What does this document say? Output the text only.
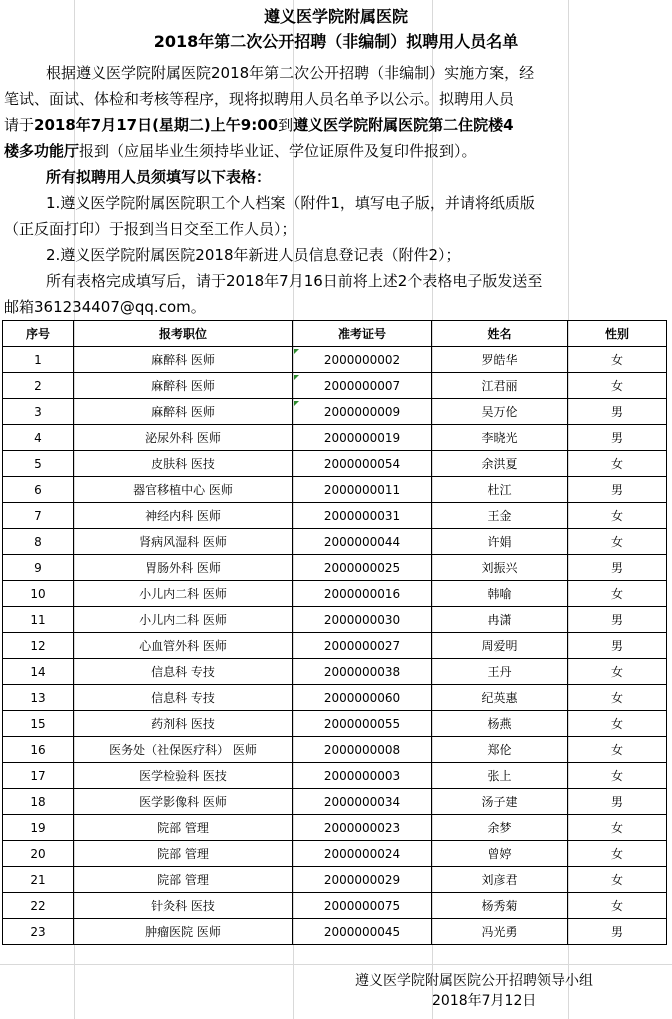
遵义医学院附属医院
2018年第二次公开招聘（非编制）拟聘用人员名单
根据遵义医学院附属医院2018年第二次公开招聘（非编制）实施方案，经
笔试、面试、体检和考核等程序，现将拟聘用人员名单予以公示。拟聘用人员
请于2018年7月17日(星期二)上午9:00到遵义医学院附属医院第二住院楼4
楼多功能厅报到（应届毕业生须持毕业证、学位证原件及复印件报到）。
所有拟聘用人员须填写以下表格：
1.遵义医学院附属医院职工个人档案（附件1，填写电子版，并请将纸质版
（正反面打印）于报到当日交至工作人员）；
2.遵义医学院附属医院2018年新进人员信息登记表（附件2）；
所有表格完成填写后，请于2018年7月16日前将上述2个表格电子版发送至
邮箱361234407@qq.com。
序号	报考职位	准考证号	姓名	性别
1	麻醉科 医师	2000000002	罗皓华	女
2	麻醉科 医师	2000000007	江君丽	女
3	麻醉科 医师	2000000009	吴万伦	男
4	泌尿外科 医师	2000000019	李晓光	男
5	皮肤科 医技	2000000054	余洪夏	女
6	器官移植中心 医师	2000000011	杜江	男
7	神经内科 医师	2000000031	王金	女
8	肾病风湿科 医师	2000000044	许娟	女
9	胃肠外科 医师	2000000025	刘振兴	男
10	小儿内二科 医师	2000000016	韩喻	女
11	小儿内二科 医师	2000000030	冉潇	男
12	心血管外科 医师	2000000027	周爱明	男
14	信息科 专技	2000000038	王丹	女
13	信息科 专技	2000000060	纪英惠	女
15	药剂科 医技	2000000055	杨燕	女
16	医务处（社保医疗科） 医师	2000000008	郑伦	女
17	医学检验科 医技	2000000003	张上	女
18	医学影像科 医师	2000000034	汤子建	男
19	院部 管理	2000000023	余梦	女
20	院部 管理	2000000024	曾婷	女
21	院部 管理	2000000029	刘彦君	女
22	针灸科 医技	2000000075	杨秀菊	女
23	肿瘤医院 医师	2000000045	冯光勇	男
遵义医学院附属医院公开招聘领导小组
2018年7月12日
